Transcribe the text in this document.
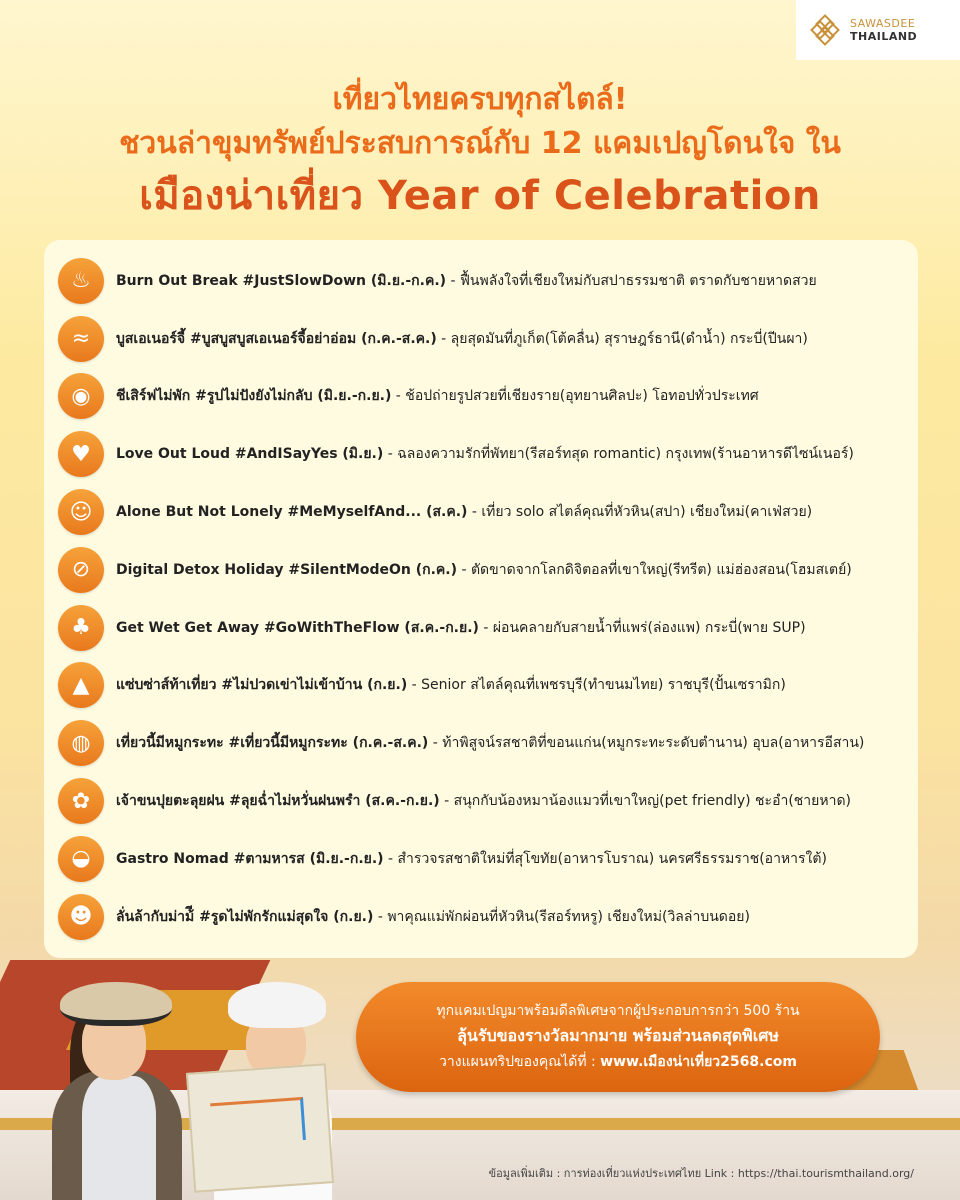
SAWASDEE
THAILAND
เที่ยวไทยครบทุกสไตล์!
ชวนล่าขุมทรัพย์ประสบการณ์กับ 12 แคมเปญโดนใจ ใน
เมืองน่าเที่ยว Year of Celebration
♨	Burn Out Break #JustSlowDown (มิ.ย.-ก.ค.) - ฟื้นพลังใจที่เชียงใหม่กับสปาธรรมชาติ ตราดกับชายหาดสวย
≈	บูสเอเนอร์จี้ #บูสบูสบูสเอเนอร์จี้อย่าอ่อม (ก.ค.-ส.ค.) - ลุยสุดมันที่ภูเก็ต(โต้คลื่น) สุราษฎร์ธานี(ดำน้ำ) กระบี่(ปีนผา)
◉	ชีเสิร์ฟไม่พัก #รูปไม่ปังยังไม่กลับ (มิ.ย.-ก.ย.) - ช้อปถ่ายรูปสวยที่เชียงราย(อุทยานศิลปะ) โอทอปทั่วประเทศ
♥	Love Out Loud #AndISayYes (มิ.ย.) - ฉลองความรักที่พัทยา(รีสอร์ทสุด romantic) กรุงเทพ(ร้านอาหารดีไซน์เนอร์)
☺	Alone But Not Lonely #MeMyselfAnd... (ส.ค.) - เที่ยว solo สไตล์คุณที่หัวหิน(สปา) เชียงใหม่(คาเฟ่สวย)
⊘	Digital Detox Holiday #SilentModeOn (ก.ค.) - ตัดขาดจากโลกดิจิตอลที่เขาใหญ่(รีทรีต) แม่ฮ่องสอน(โฮมสเตย์)
♣	Get Wet Get Away #GoWithTheFlow (ส.ค.-ก.ย.) - ผ่อนคลายกับสายน้ำที่แพร่(ล่องแพ) กระบี่(พาย SUP)
▲	แซ่บซ่าส์ท้าเที่ยว #ไม่ปวดเข่าไม่เข้าบ้าน (ก.ย.) - Senior สไตล์คุณที่เพชรบุรี(ทำขนมไทย) ราชบุรี(ปั้นเซรามิก)
◍	เที่ยวนี้มีหมูกระทะ #เที่ยวนี้มีหมูกระทะ (ก.ค.-ส.ค.) - ท้าพิสูจน์รสชาติที่ขอนแก่น(หมูกระทะระดับตำนาน) อุบล(อาหารอีสาน)
✿	เจ้าขนปุยตะลุยฝน #ลุยฉ่ำไม่หวั่นฝนพรำ (ส.ค.-ก.ย.) - สนุกกับน้องหมาน้องแมวที่เขาใหญ่(pet friendly) ชะอำ(ชายหาด)
◒	Gastro Nomad #ตามหารส (มิ.ย.-ก.ย.) - สำรวจรสชาติใหม่ที่สุโขทัย(อาหารโบราณ) นครศรีธรรมราช(อาหารใต้)
☻	ลั่นล้ากับม่าม้ี #รูดไม่พักรักแม่สุดใจ (ก.ย.) - พาคุณแม่พักผ่อนที่หัวหิน(รีสอร์ทหรู) เชียงใหม่(วิลล่าบนดอย)
ทุกแคมเปญมาพร้อมดีลพิเศษจากผู้ประกอบการกว่า 500 ร้าน
ลุ้นรับของรางวัลมากมาย พร้อมส่วนลดสุดพิเศษ
วางแผนทริปของคุณได้ที่ : www.เมืองน่าเที่ยว2568.com
ข้อมูลเพิ่มเติม : การท่องเที่ยวแห่งประเทศไทย Link : https://thai.tourismthailand.org/
